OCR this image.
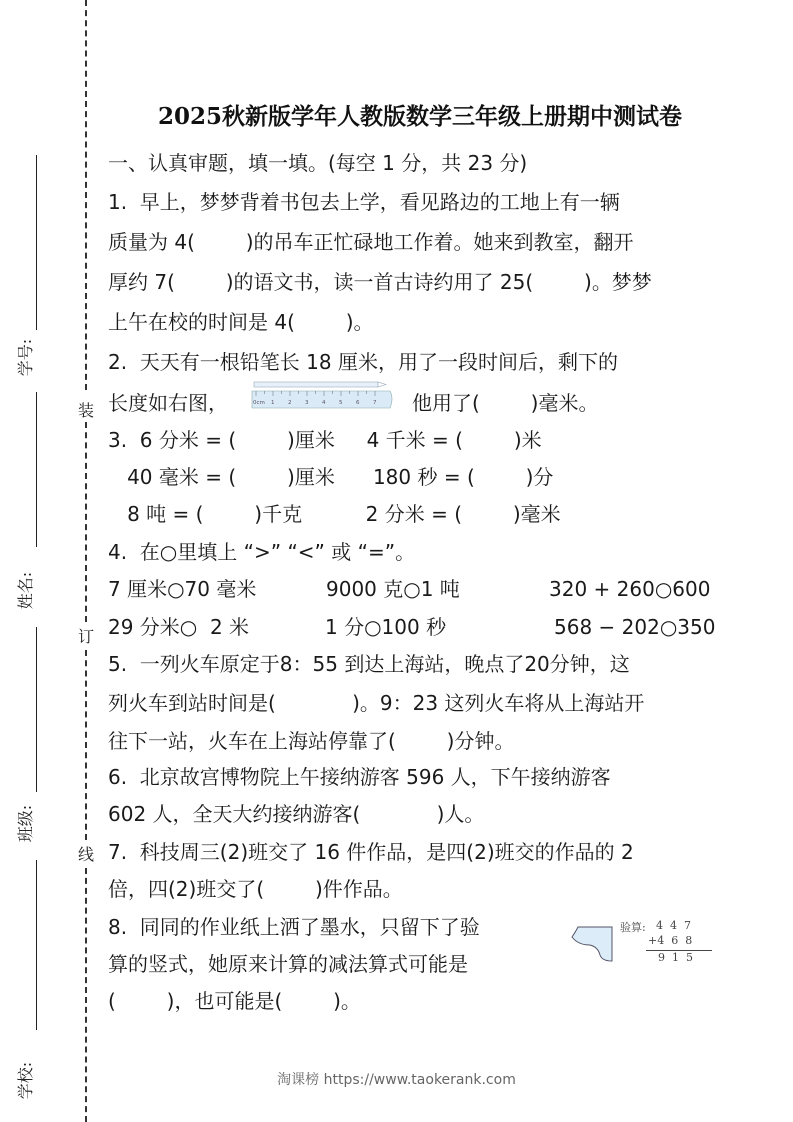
装
订
线
学号:
姓名:
班级:
学校:
2025秋新版学年人教版数学三年级上册期中测试卷
一、认真审题，填一填。(每空 1 分，共 23 分)
1.  早上，梦梦背着书包去上学，看见路边的工地上有一辆
质量为 4(        )的吊车正忙碌地工作着。她来到教室，翻开
厚约 7(        )的语文书，读一首古诗约用了 25(        )。梦梦
上午在校的时间是 4(        )。
2.  天天有一根铅笔长 18 厘米，用了一段时间后，剩下的
长度如右图，	他用了(        )毫米。
0cm 1 2 3 4 5 6 7
3.  6 分米 = (        )厘米     4 千米 = (        )米
40 毫米 = (        )厘米      180 秒 = (        )分
8 吨 = (        )千克          2 分米 = (        )毫米
4.  在○里填上 “>” “<” 或 “=”。
7 厘米○70 毫米	9000 克○1 吨	320 + 260○600
29 分米○  2 米	1 分○100 秒	568 − 202○350
5.  一列火车原定于8：55 到达上海站，晚点了20分钟，这
列火车到站时间是(            )。9：23 这列火车将从上海站开
往下一站，火车在上海站停靠了(        )分钟。
6.  北京故宫博物院上午接纳游客 596 人，下午接纳游客
602 人，全天大约接纳游客(            )人。
7.  科技周三(2)班交了 16 件作品，是四(2)班交的作品的 2
倍，四(2)班交了(        )件作品。
8.  同同的作业纸上洒了墨水，只留下了验
算的竖式，她原来计算的减法算式可能是
(        )，也可能是(        )。
验算: 4  4  7
+4  6  8
9  1  5
淘课榜 https://www.taokerank.com
